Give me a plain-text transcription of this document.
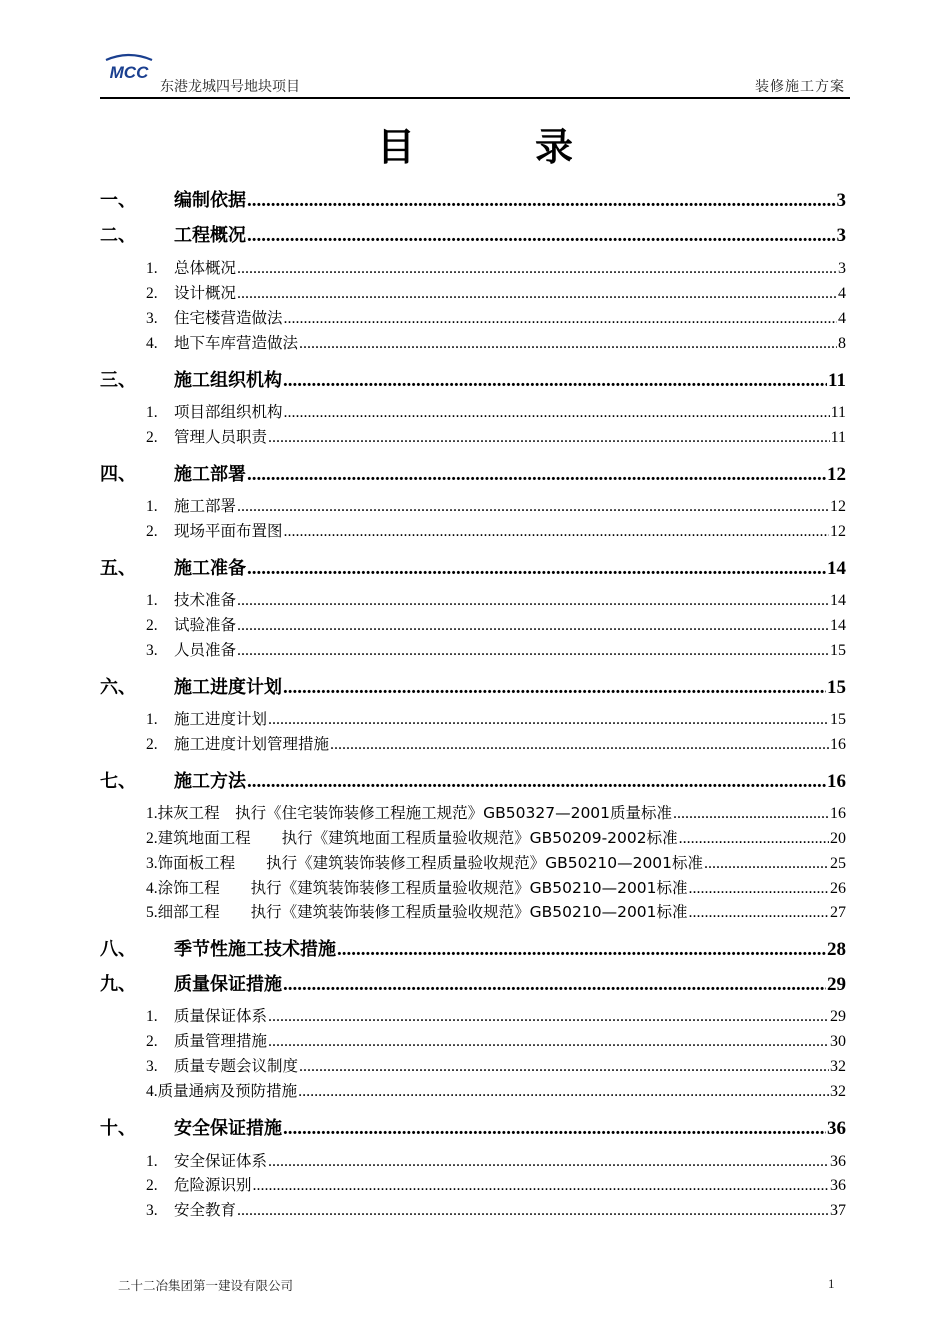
MCC
东港龙城四号地块项目	装修施工方案
目	录
一、	编制依据 .....	3
二、	工程概况 .....	3
1.	总体概况 .....	3
2.	设计概况 .....	4
3.	住宅楼营造做法 .....	4
4.	地下车库营造做法 .....	8
三、	施工组织机构 .....	11
1.	项目部组织机构 .....	11
2.	管理人员职责 .....	11
四、	施工部署 .....	12
1.	施工部署 .....	12
2.	现场平面布置图 .....	12
五、	施工准备 .....	14
1.	技术准备 .....	14
2.	试验准备 .....	14
3.	人员准备 .....	15
六、	施工进度计划 .....	15
1.	施工进度计划 .....	15
2.	施工进度计划管理措施 .....	16
七、	施工方法 .....	16
1. 抹灰工程　执行《住宅装饰装修工程施工规范》GB50327—2001质量标准 .....	16
2. 建筑地面工程　　执行《建筑地面工程质量验收规范》GB50209-2002标准 .....	20
3. 饰面板工程　　执行《建筑装饰装修工程质量验收规范》GB50210—2001标准 .....	25
4. 涂饰工程　　执行《建筑装饰装修工程质量验收规范》GB50210—2001标准 .....	26
5. 细部工程　　执行《建筑装饰装修工程质量验收规范》GB50210—2001标准 .....	27
八、	季节性施工技术措施 .....	28
九、	质量保证措施 .....	29
1.	质量保证体系 .....	29
2.	质量管理措施 .....	30
3.	质量专题会议制度 .....	32
4. 质量通病及预防措施 .....	32
十、	安全保证措施 .....	36
1.	安全保证体系 .....	36
2.	危险源识别 .....	36
3.	安全教育 .....	37
二十二冶集团第一建设有限公司	1
